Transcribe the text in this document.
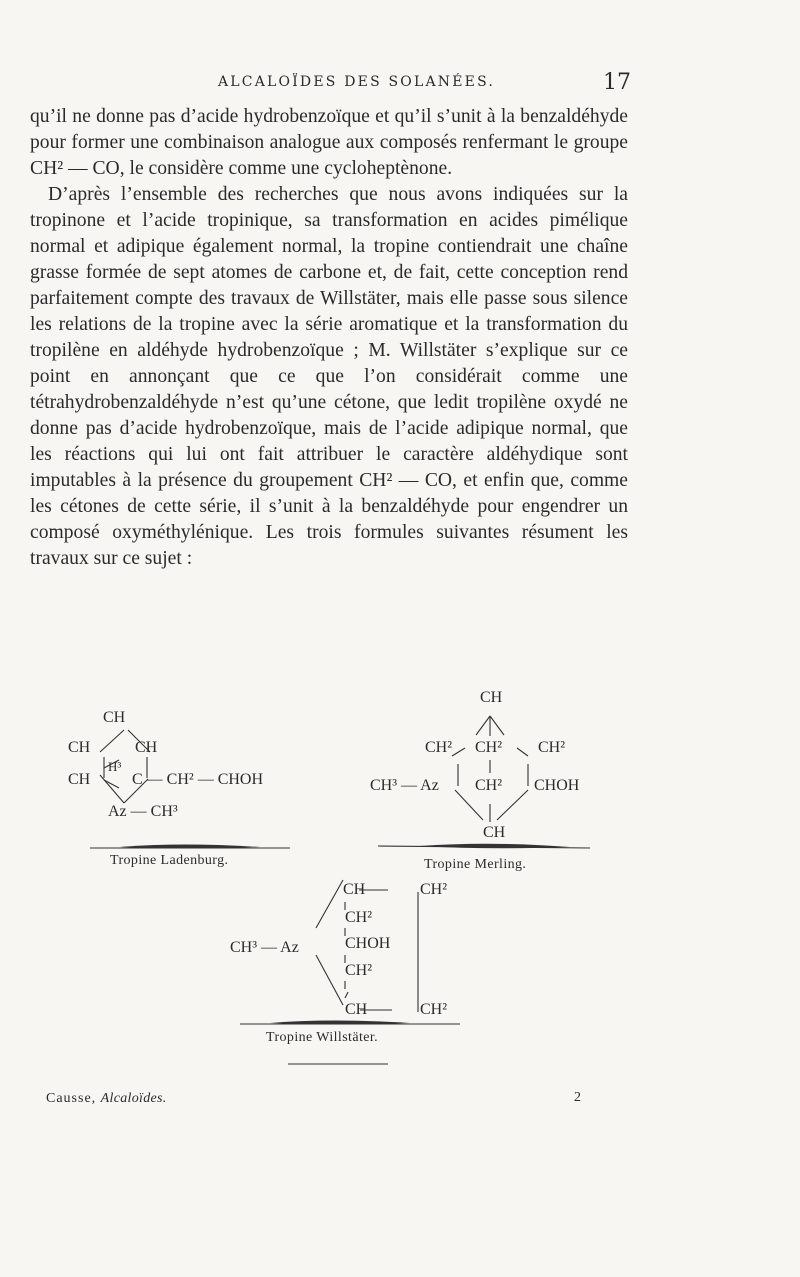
ALCALOÏDES DES SOLANÉES.	17

qu’il ne donne pas d’acide hydrobenzoïque et qu’il s’unit à la benzaldéhyde pour former une combinaison analogue aux composés renfermant le groupe CH² — CO, le considère comme une cycloheptènone.

D’après l’ensemble des recherches que nous avons indiquées sur la tropinone et l’acide tropinique, sa transformation en acides pimélique normal et adipique également normal, la tropine contiendrait une chaîne grasse formée de sept atomes de carbone et, de fait, cette conception rend parfaitement compte des travaux de Willstäter, mais elle passe sous silence les relations de la tropine avec la série aromatique et la transformation du tropilène en aldéhyde hydrobenzoïque ; M. Willstäter s’explique sur ce point en annonçant que ce que l’on considérait comme une tétrahydrobenzaldéhyde n’est qu’une cétone, que ledit tropilène oxydé ne donne pas d’acide hydrobenzoïque, mais de l’acide adipique normal, que les réactions qui lui ont fait attribuer le caractère aldéhydique sont imputables à la présence du groupement CH² — CO, et enfin que, comme les cétones de cette série, il s’unit à la benzaldéhyde pour engendrer un composé oxyméthylénique. Les trois formules suivantes résument les travaux sur ce sujet :

CH
CH	CH
H³
CH	C — CH² — CHOH
Az — CH³
Tropine Ladenburg.
CH
CH² CH² CH²
CH³ — Az CH² CHOH
CH
Tropine Merling.
CH	CH²
CH²
CHOH
CH²
CH	CH²
CH³ — Az
Tropine Willstäter.
Causse, Alcaloïdes.	2
